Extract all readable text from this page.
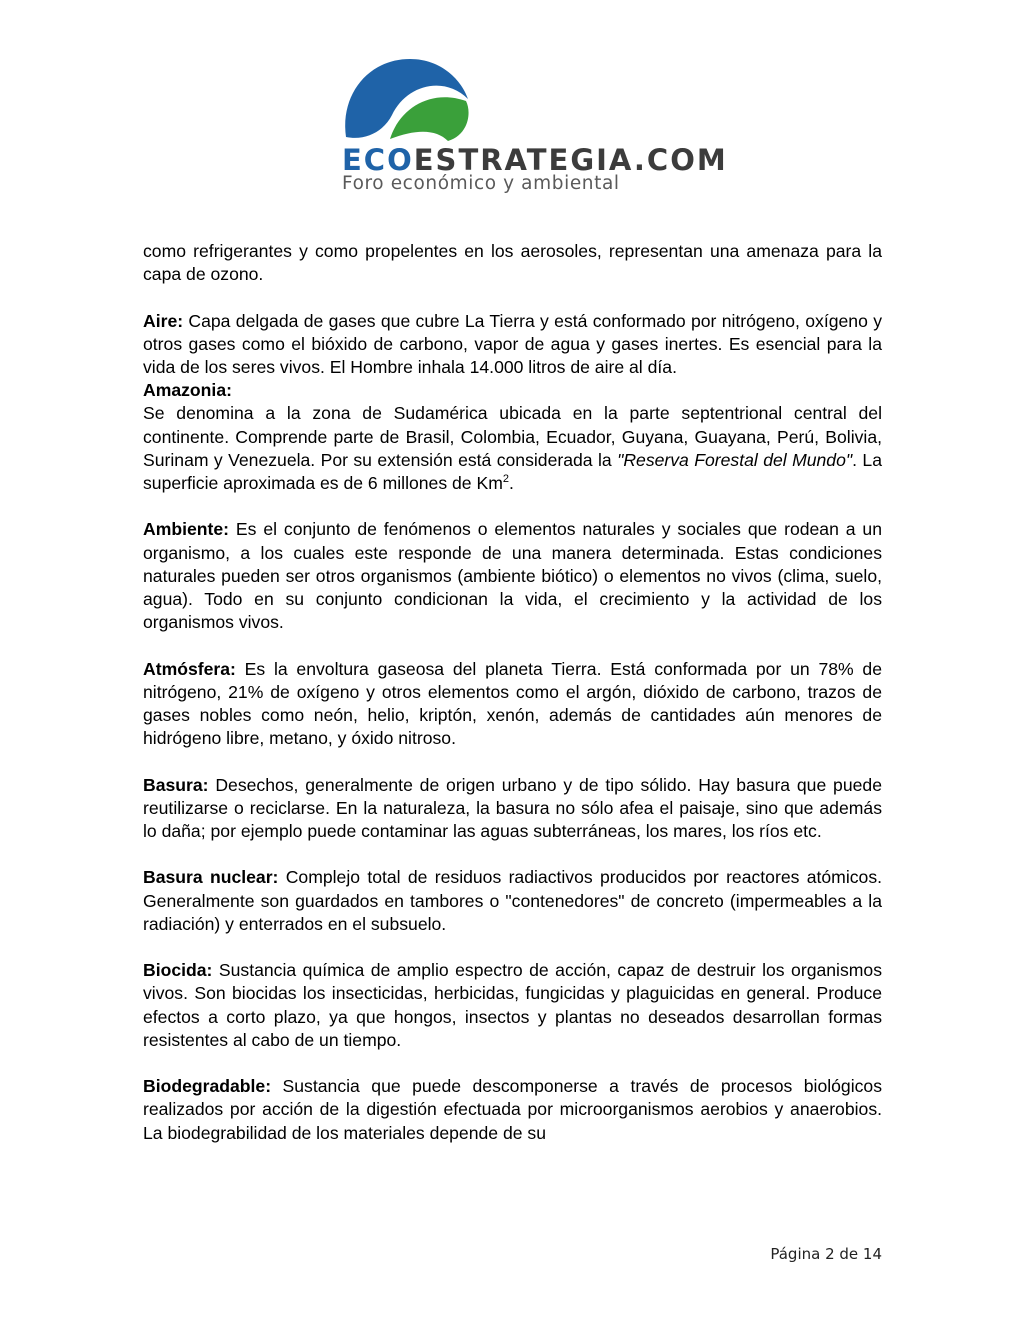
ECOESTRATEGIA.COM
Foro económico y ambiental

como refrigerantes y como propelentes en los aerosoles, representan una amenaza para la capa de ozono.

Aire: Capa delgada de gases que cubre La Tierra y está conformado por nitrógeno, oxígeno y otros gases como el bióxido de carbono, vapor de agua y gases inertes. Es esencial para la vida de los seres vivos. El Hombre inhala 14.000 litros de aire al día.

Amazonia:
Se denomina a la zona de Sudamérica ubicada en la parte septentrional central del continente. Comprende parte de Brasil, Colombia, Ecuador, Guyana, Guayana, Perú, Bolivia, Surinam y Venezuela. Por su extensión está considerada la "Reserva Forestal del Mundo". La superficie aproximada es de 6 millones de Km$^2$.

Ambiente: Es el conjunto de fenómenos o elementos naturales y sociales que rodean a un organismo, a los cuales este responde de una manera determinada. Estas condiciones naturales pueden ser otros organismos (ambiente biótico) o elementos no vivos (clima, suelo, agua). Todo en su conjunto condicionan la vida, el crecimiento y la actividad de los organismos vivos.

Atmósfera: Es la envoltura gaseosa del planeta Tierra. Está conformada por un 78% de nitrógeno, 21% de oxígeno y otros elementos como el argón, dióxido de carbono, trazos de gases nobles como neón, helio, kriptón, xenón, además de cantidades aún menores de hidrógeno libre, metano, y óxido nitroso.

Basura: Desechos, generalmente de origen urbano y de tipo sólido. Hay basura que puede reutilizarse o reciclarse. En la naturaleza, la basura no sólo afea el paisaje, sino que además lo daña; por ejemplo puede contaminar las aguas subterráneas, los mares, los ríos etc.

Basura nuclear: Complejo total de residuos radiactivos producidos por reactores atómicos. Generalmente son guardados en tambores o "contenedores" de concreto (impermeables a la radiación) y enterrados en el subsuelo.

Biocida: Sustancia química de amplio espectro de acción, capaz de destruir los organismos vivos. Son biocidas los insecticidas, herbicidas, fungicidas y plaguicidas en general. Produce efectos a corto plazo, ya que hongos, insectos y plantas no deseados desarrollan formas resistentes al cabo de un tiempo.

Biodegradable: Sustancia que puede descomponerse a través de procesos biológicos realizados por acción de la digestión efectuada por microorganismos aerobios y anaerobios. La biodegrabilidad de los materiales depende de su

Página 2 de 14
